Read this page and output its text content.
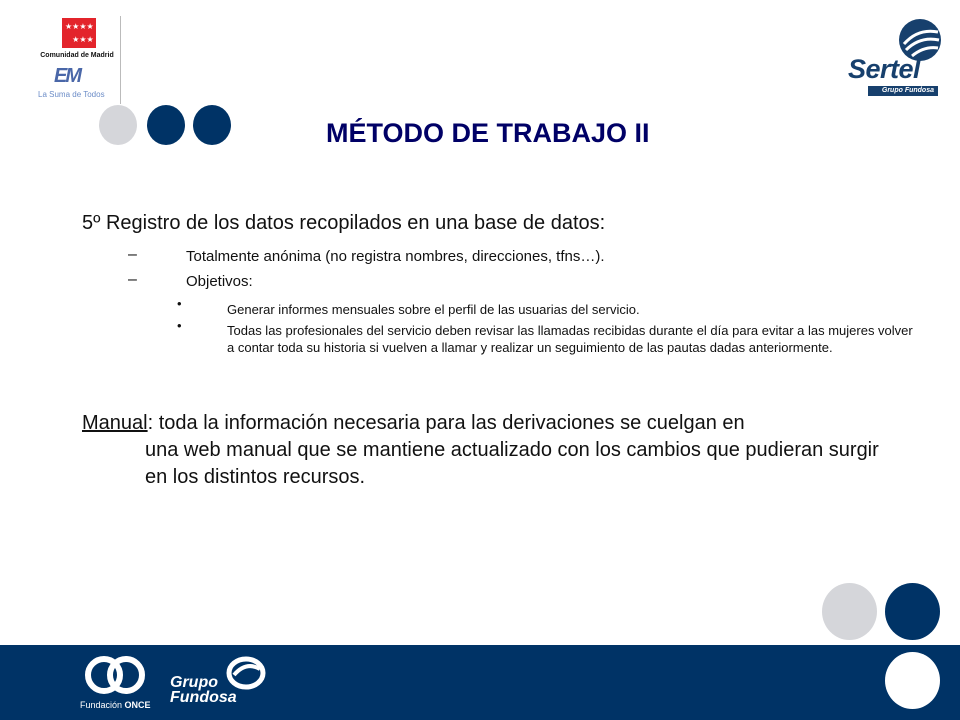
★ ★ ★ ★
★ ★ ★
Comunidad de Madrid
EM
La Suma de Todos
Sertel
Grupo Fundosa
MÉTODO DE TRABAJO II
5º Registro de los datos recopilados en una base de datos:
–	Totalmente anónima (no registra nombres, direcciones, tfns…).
–	Objetivos:
•	Generar informes mensuales sobre el perfil de las usuarias del servicio.
•	Todas las profesionales del servicio deben revisar las llamadas recibidas durante el día para evitar a las mujeres volver a contar toda su historia si vuelven a llamar y realizar un seguimiento de las pautas dadas anteriormente.
Manual: toda la información necesaria para las derivaciones se cuelgan en
una web manual que se mantiene actualizado con los cambios que pudieran surgir en los distintos recursos.
Fundación ONCE
Grupo
Fundosa
